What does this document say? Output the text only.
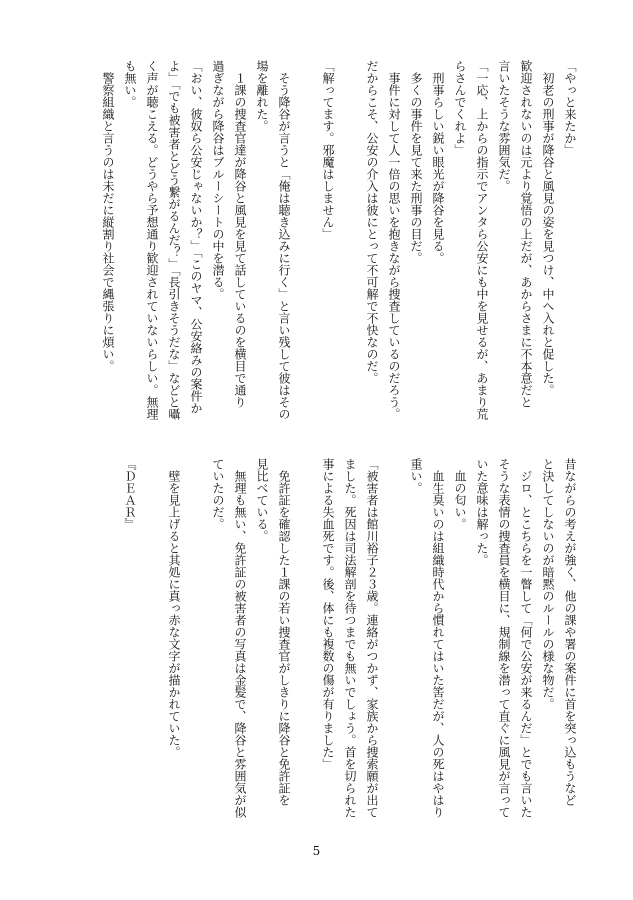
「やっと来たか」
　初老の刑事が降谷と風見の姿を見つけ、中へ入れと促した。
歓迎されないのは元より覚悟の上だが、あからさまに不本意だと
言いたそうな雰囲気だ。
「一応、上からの指示でアンタら公安にも中を見せるが、あまり荒
らさんでくれよ」
　刑事らしい鋭い眼光が降谷を見る。
　多くの事件を見て来た刑事の目だ。
　事件に対して人一倍の思いを抱きながら捜査しているのだろう。
だからこそ、公安の介入は彼にとって不可解で不快なのだ。
「解ってます。邪魔はしません」
　そう降谷が言うと「俺は聴き込みに行く」と言い残して彼はその
場を離れた。
　１課の捜査官達が降谷と風見を見て話しているのを横目で通り
過ぎながら降谷はブルーシートの中を潜る。
「おい、彼奴ら公安じゃないか？」「このヤマ、公安絡みの案件か
よ」「でも被害者とどう繋がるんだ？」「長引きそうだな」などと囁
く声が聴こえる。どうやら予想通り歓迎されていないらしい。無理
も無い。
　警察組織と言うのは未だに縦割り社会で縄張りに煩い。
昔ながらの考えが強く、他の課や署の案件に首を突っ込もうなど
と決してしないのが暗黙のルールの様な物だ。
　ジロ、とこちらを一瞥して「何で公安が来るんだ」とでも言いた
そうな表情の捜査員を横目に、規制線を潜って直ぐに風見が言って
いた意味は解った。
　血の匂い。
　血生臭いのは組織時代から慣れてはいた筈だが、人の死はやはり
重い。
「被害者は館川裕子２３歳。連絡がつかず、家族から捜索願が出て
ました。死因は司法解剖を待つまでも無いでしょう。首を切られた
事による失血死です。後、体にも複数の傷が有りました」
　免許証を確認した１課の若い捜査官がしきりに降谷と免許証を
見比べている。
　無理も無い、免許証の被害者の写真は金髪で、降谷と雰囲気が似
ていたのだ。
　壁を見上げると其処に真っ赤な文字が描かれていた。
『ＤＥＡＲ』
5
